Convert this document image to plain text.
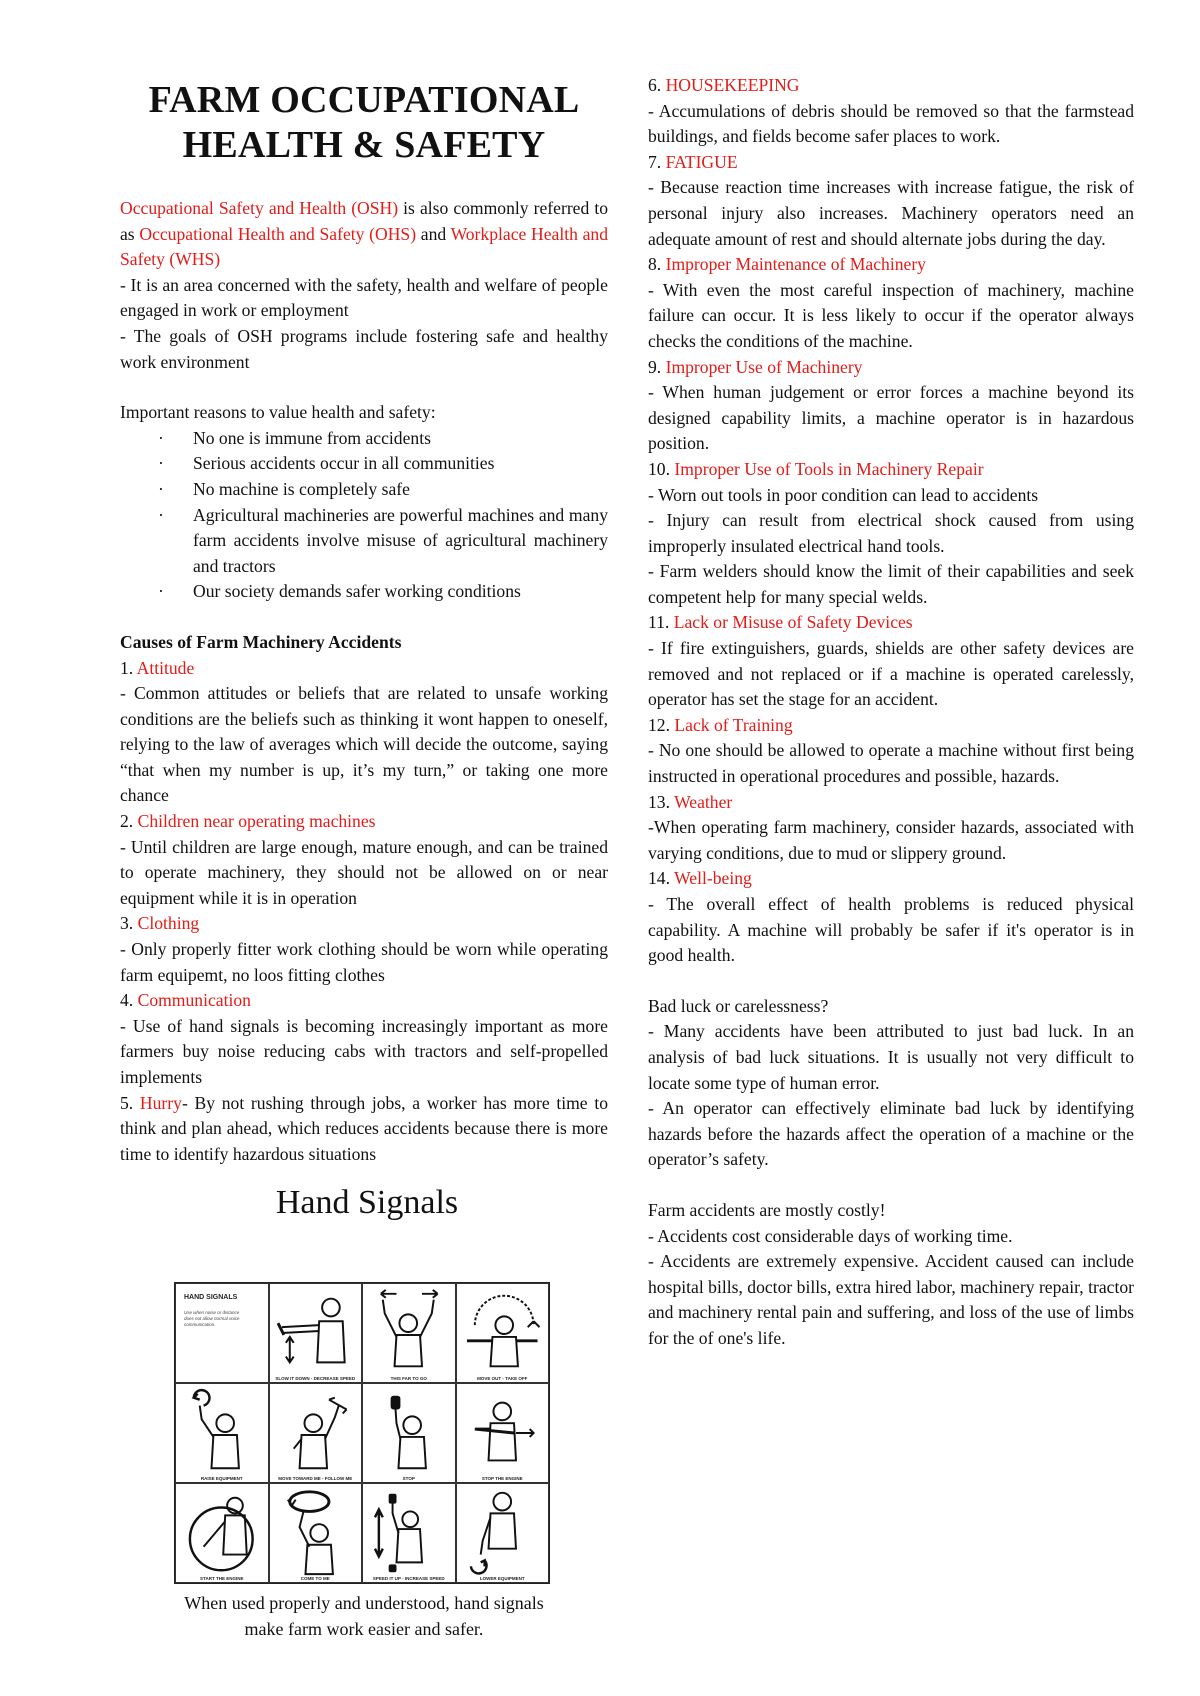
FARM OCCUPATIONAL
HEALTH & SAFETY

Occupational Safety and Health (OSH) is also commonly referred to as Occupational Health and Safety (OHS) and Workplace Health and Safety (WHS)

- It is an area concerned with the safety, health and welfare of people engaged in work or employment

- The goals of OSH programs include fostering safe and healthy work environment

Important reasons to value health and safety:

· No one is immune from accidents
· Serious accidents occur in all communities
· No machine is completely safe
· Agricultural machineries are powerful machines and many farm accidents involve misuse of agricultural machinery and tractors
· Our society demands safer working conditions

Causes of Farm Machinery Accidents

1. Attitude

- Common attitudes or beliefs that are related to unsafe working conditions are the beliefs such as thinking it wont happen to oneself, relying to the law of averages which will decide the outcome, saying “that when my number is up, it’s my turn,” or taking one more chance

2. Children near operating machines

- Until children are large enough, mature enough, and can be trained to operate machinery, they should not be allowed on or near equipment while it is in operation

3. Clothing

- Only properly fitter work clothing should be worn while operating farm equipemt, no loos fitting clothes

4. Communication

- Use of hand signals is becoming increasingly important as more farmers buy noise reducing cabs with tractors and self-propelled implements

5. Hurry- By not rushing through jobs, a worker has more time to think and plan ahead, which reduces accidents because there is more time to identify hazardous situations

Hand Signals
HAND SIGNALS
Use when noise or distance does not allow normal voice communication.
SLOW IT DOWN - DECREASE SPEED	THIS FAR TO GO	MOVE OUT - TAKE OFF
RAISE EQUIPMENT	MOVE TOWARD ME - FOLLOW ME	STOP	STOP THE ENGINE
START THE ENGINE	COME TO ME	SPEED IT UP - INCREASE SPEED	LOWER EQUIPMENT
When used properly and understood, hand signals
make farm work easier and safer.

6. HOUSEKEEPING

- Accumulations of debris should be removed so that the farmstead buildings, and fields become safer places to work.

7. FATIGUE

- Because reaction time increases with increase fatigue, the risk of personal injury also increases. Machinery operators need an adequate amount of rest and should alternate jobs during the day.

8. Improper Maintenance of Machinery

- With even the most careful inspection of machinery, machine failure can occur. It is less likely to occur if the operator always checks the conditions of the machine.

9. Improper Use of Machinery

- When human judgement or error forces a machine beyond its designed capability limits, a machine operator is in hazardous position.

10. Improper Use of Tools in Machinery Repair

- Worn out tools in poor condition can lead to accidents

- Injury can result from electrical shock caused from using improperly insulated electrical hand tools.

- Farm welders should know the limit of their capabilities and seek competent help for many special welds.

11. Lack or Misuse of Safety Devices

- If fire extinguishers, guards, shields are other safety devices are removed and not replaced or if a machine is operated carelessly, operator has set the stage for an accident.

12. Lack of Training

- No one should be allowed to operate a machine without first being instructed in operational procedures and possible, hazards.

13. Weather

-When operating farm machinery, consider hazards, associated with varying conditions, due to mud or slippery ground.

14. Well-being

- The overall effect of health problems is reduced physical capability. A machine will probably be safer if it's operator is in good health.

Bad luck or carelessness?

- Many accidents have been attributed to just bad luck. In an analysis of bad luck situations. It is usually not very difficult to locate some type of human error.

- An operator can effectively eliminate bad luck by identifying hazards before the hazards affect the operation of a machine or the operator’s safety.

Farm accidents are mostly costly!

- Accidents cost considerable days of working time.

- Accidents are extremely expensive. Accident caused can include hospital bills, doctor bills, extra hired labor, machinery repair, tractor and machinery rental pain and suffering, and loss of the use of limbs for the of one's life.
